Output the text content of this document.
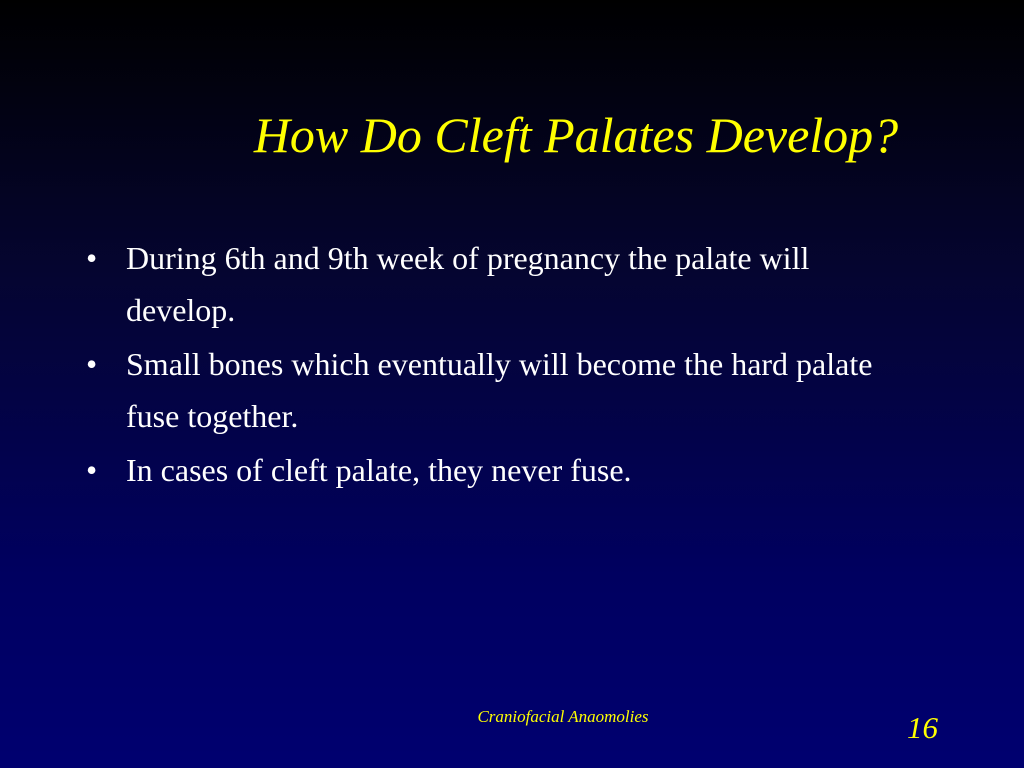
How Do Cleft Palates Develop?
• During 6th and 9th week of pregnancy the palate will develop.
• Small bones which eventually will become the hard palate fuse together.
• In cases of cleft palate, they never fuse.
Craniofacial Anaomolies	16
